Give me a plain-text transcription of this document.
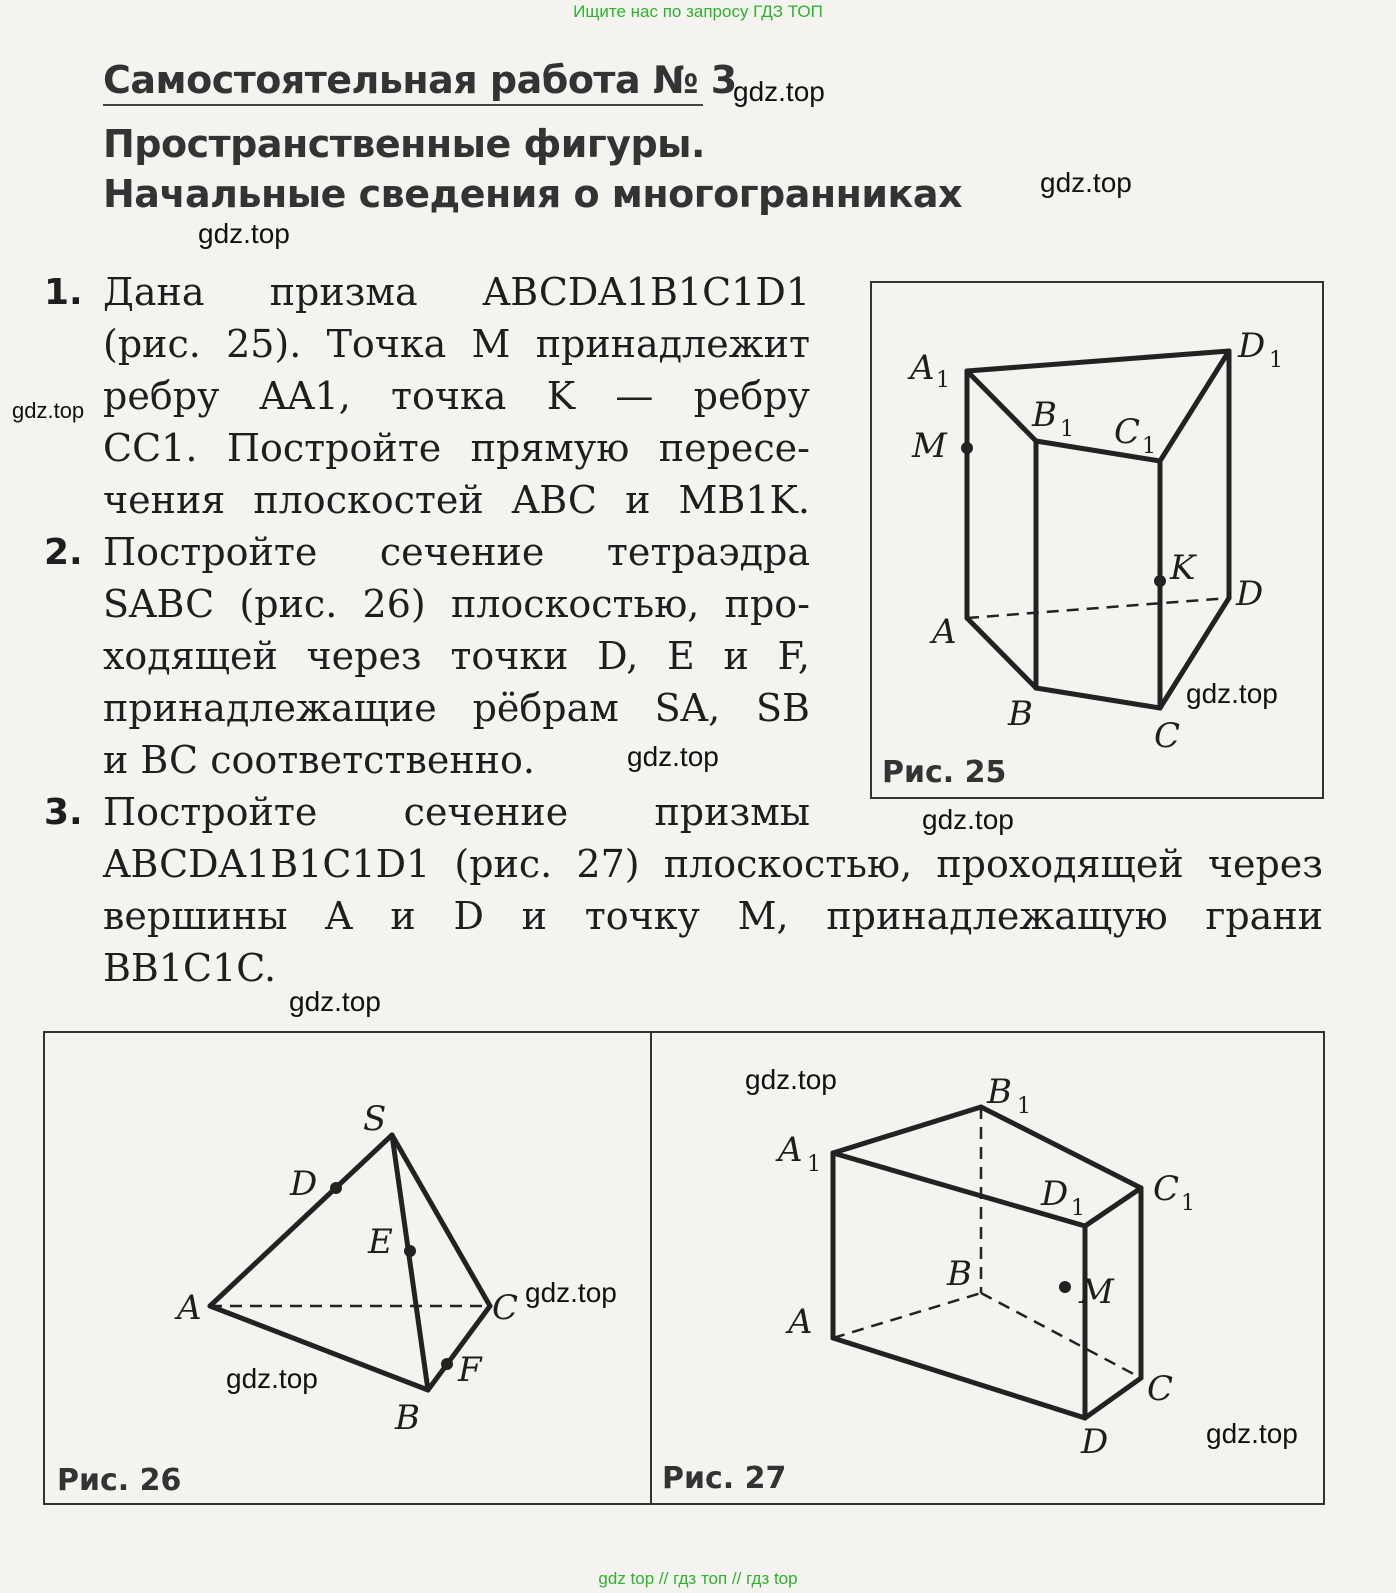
Ищите нас по запросу ГДЗ ТОП
gdz top // гдз топ // гдз top
Самостоятельная работа № 3
Пространственные фигуры.
Начальные сведения о многогранниках
gdz.top
gdz.top
gdz.top
gdz.top
gdz.top
gdz.top
gdz.top
gdz.top
gdz.top
gdz.top
gdz.top
gdz.top
1. Дана призма ABCDA1B1C1D1
(рис. 25). Точка M принадлежит
ребру AA1, точка K — ребру
CC1. Постройте прямую пересе-
чения плоскостей ABC и MB1K.
2. Постройте сечение тетраэдра
SABC (рис. 26) плоскостью, про-
ходящей через точки D, E и F,
принадлежащие рёбрам SA, SB
и BC соответственно.
3. Постройте сечение призмы
ABCDA1B1C1D1 (рис. 27) плоскостью, проходящей через
вершины A и D и точку M, принадлежащую грани
BB1C1C.
A 1
D 1
B 1 C 1
M
K
D
A
B
C
Рис. 25
S
D
E
A	C
F
B
Рис. 26
A 1
B 1
C 1
D 1
B	M
A
C
D
Рис. 27
